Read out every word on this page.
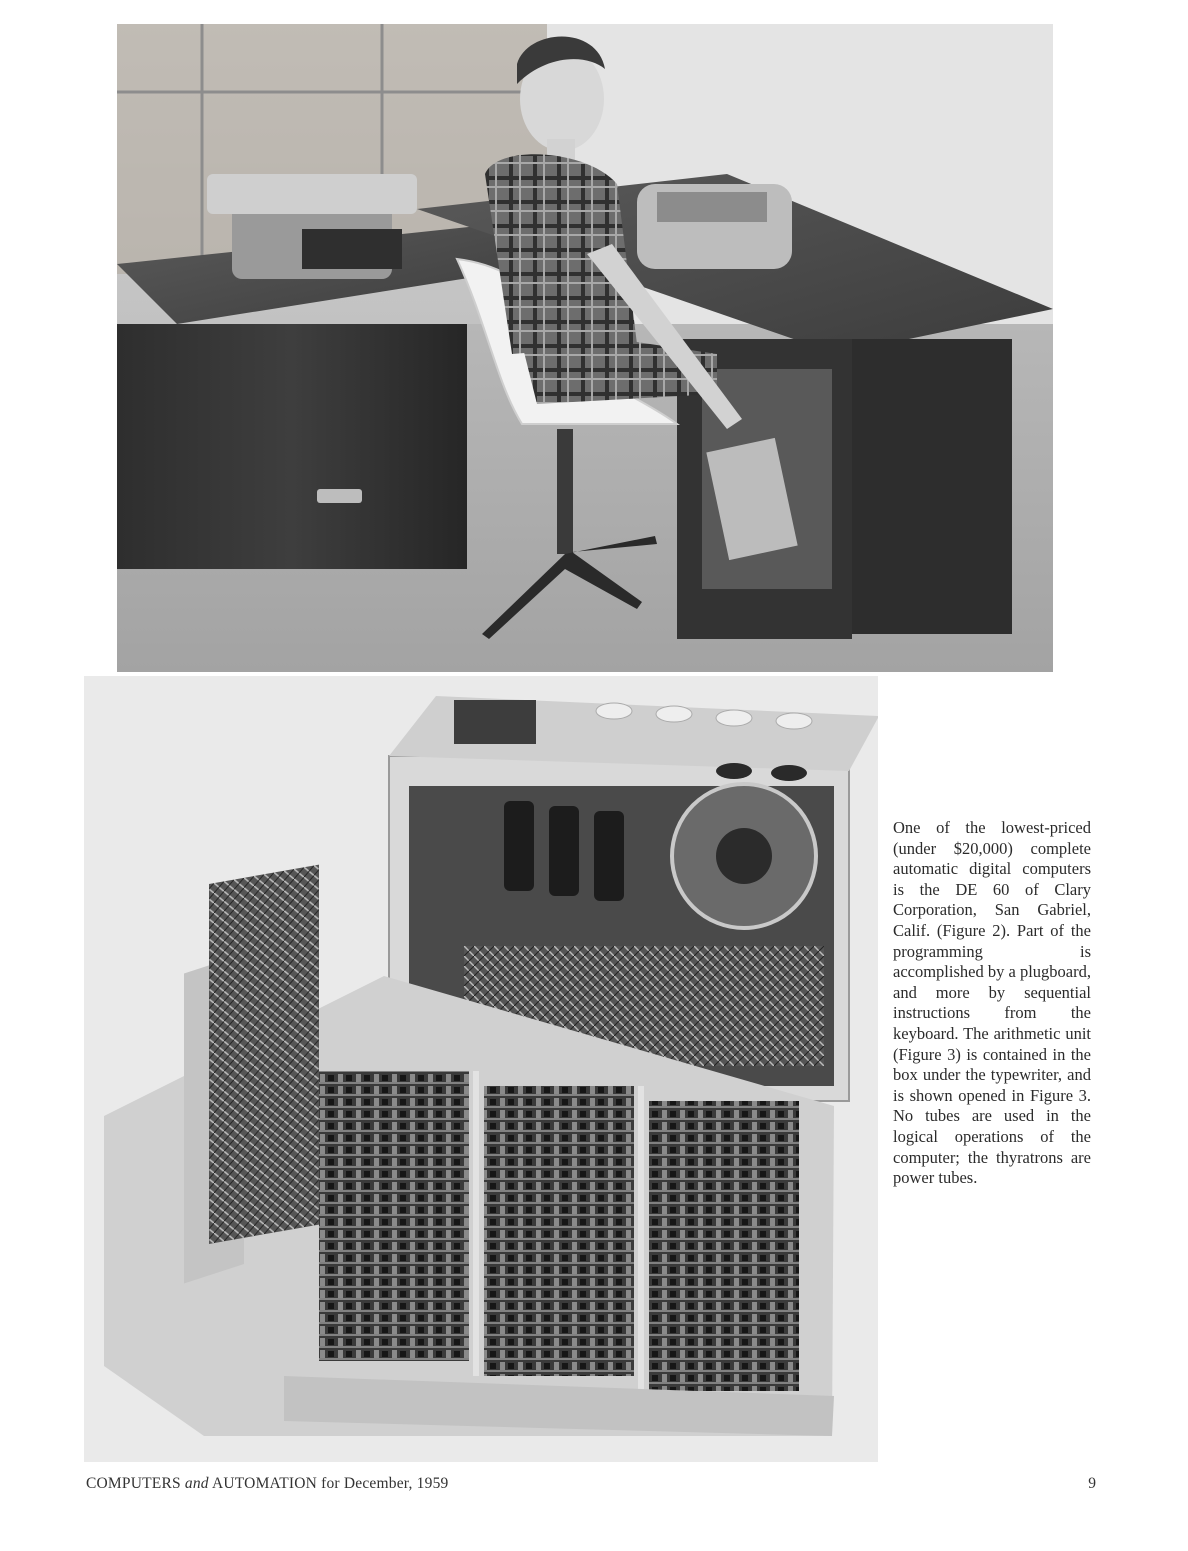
One of the lowest-priced (under $20,000) complete automatic digital computers is the DE 60 of Clary Corporation, San Gabriel, Calif. (Figure 2). Part of the programming is accomplished by a plugboard, and more by sequential instructions from the keyboard. The arithmetic unit (Figure 3) is contained in the box under the typewriter, and is shown opened in Figure 3. No tubes are used in the logical operations of the computer; the thyratrons are power tubes.

COMPUTERS and AUTOMATION for December, 1959	9
